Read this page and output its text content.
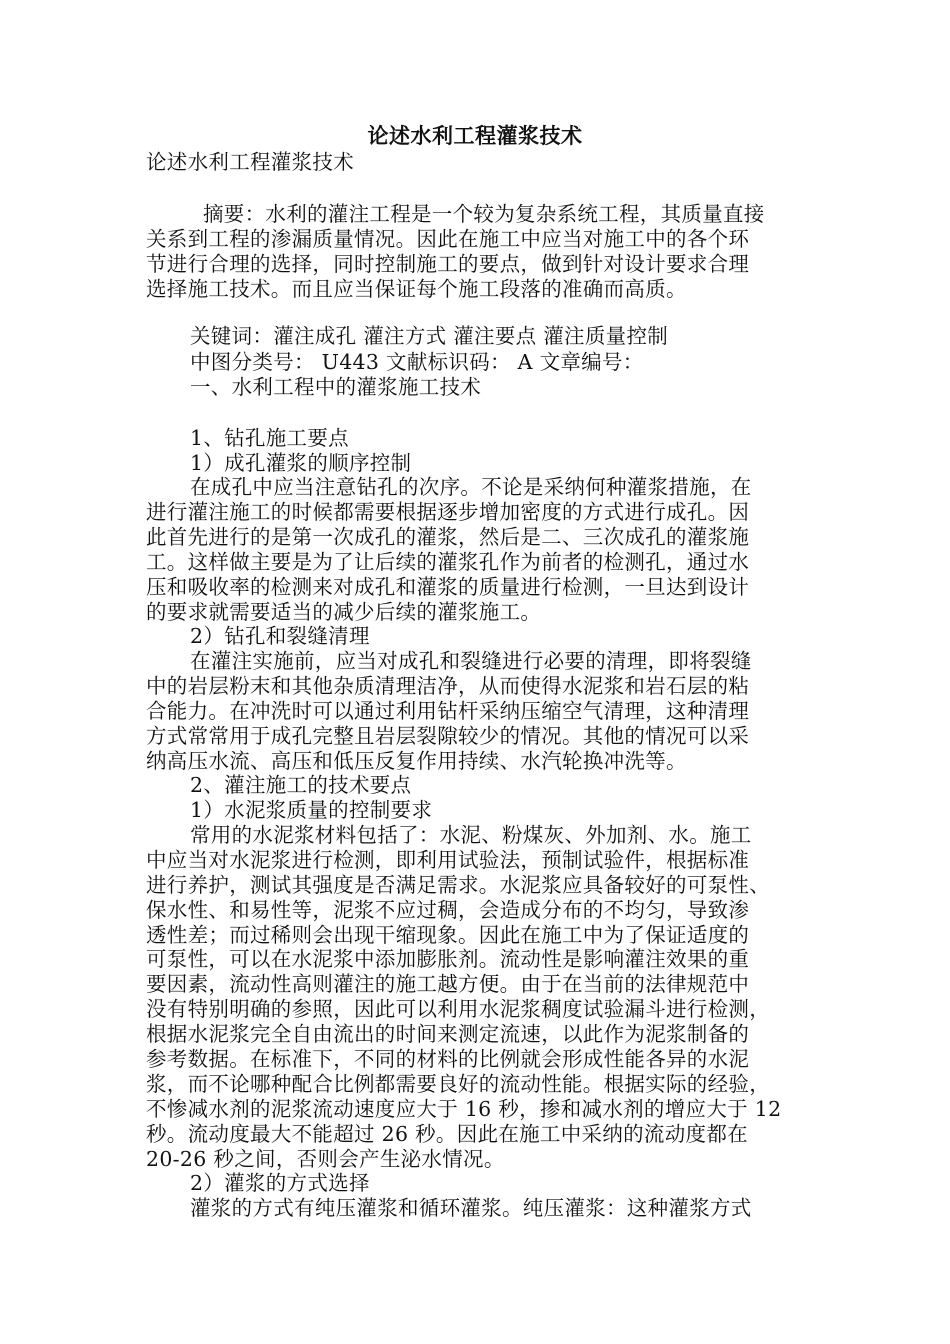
论述水利工程灌浆技术
论述水利工程灌浆技术
摘要：水利的灌注工程是一个较为复杂系统工程，其质量直接
关系到工程的渗漏质量情况。因此在施工中应当对施工中的各个环
节进行合理的选择，同时控制施工的要点，做到针对设计要求合理
选择施工技术。而且应当保证每个施工段落的准确而高质。
关键词：灌注成孔 灌注方式 灌注要点 灌注质量控制
中图分类号： U443 文献标识码： A 文章编号：
一、水利工程中的灌浆施工技术
1、钻孔施工要点
1）成孔灌浆的顺序控制
在成孔中应当注意钻孔的次序。不论是采纳何种灌浆措施，在
进行灌注施工的时候都需要根据逐步增加密度的方式进行成孔。因
此首先进行的是第一次成孔的灌浆，然后是二、三次成孔的灌浆施
工。这样做主要是为了让后续的灌浆孔作为前者的检测孔，通过水
压和吸收率的检测来对成孔和灌浆的质量进行检测，一旦达到设计
的要求就需要适当的减少后续的灌浆施工。
2）钻孔和裂缝清理
在灌注实施前，应当对成孔和裂缝进行必要的清理，即将裂缝
中的岩层粉末和其他杂质清理洁净，从而使得水泥浆和岩石层的粘
合能力。在冲洗时可以通过利用钻杆采纳压缩空气清理，这种清理
方式常常用于成孔完整且岩层裂隙较少的情况。其他的情况可以采
纳高压水流、高压和低压反复作用持续、水汽轮换冲洗等。
2、灌注施工的技术要点
1）水泥浆质量的控制要求
常用的水泥浆材料包括了：水泥、粉煤灰、外加剂、水。施工
中应当对水泥浆进行检测，即利用试验法，预制试验件，根据标准
进行养护，测试其强度是否满足需求。水泥浆应具备较好的可泵性、
保水性、和易性等，泥浆不应过稠，会造成分布的不均匀，导致渗
透性差；而过稀则会出现干缩现象。因此在施工中为了保证适度的
可泵性，可以在水泥浆中添加膨胀剂。流动性是影响灌注效果的重
要因素，流动性高则灌注的施工越方便。由于在当前的法律规范中
没有特别明确的参照，因此可以利用水泥浆稠度试验漏斗进行检测，
根据水泥浆完全自由流出的时间来测定流速，以此作为泥浆制备的
参考数据。在标准下，不同的材料的比例就会形成性能各异的水泥
浆，而不论哪种配合比例都需要良好的流动性能。根据实际的经验，
不惨减水剂的泥浆流动速度应大于 16 秒，掺和减水剂的增应大于 12
秒。流动度最大不能超过 26 秒。因此在施工中采纳的流动度都在
20-26 秒之间，否则会产生泌水情况。
2）灌浆的方式选择
灌浆的方式有纯压灌浆和循环灌浆。纯压灌浆：这种灌浆方式
